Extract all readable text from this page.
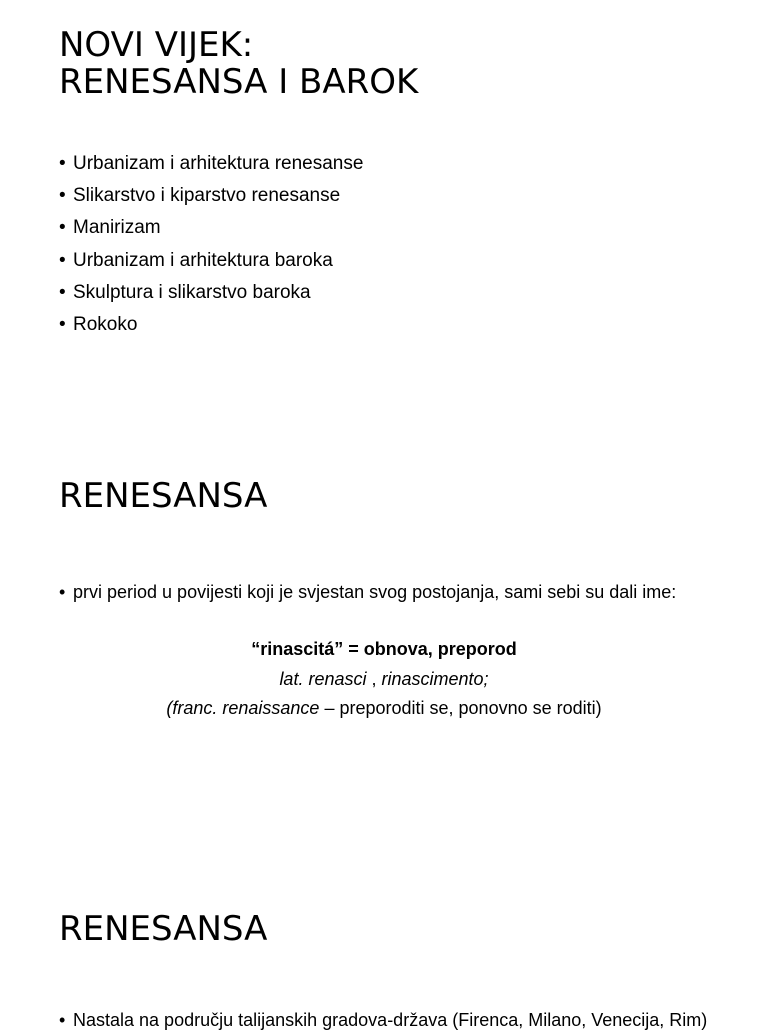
NOVI VIJEK:
RENESANSA I BAROK
• Urbanizam i arhitektura renesanse
• Slikarstvo i kiparstvo renesanse
• Manirizam
• Urbanizam i arhitektura baroka
• Skulptura i slikarstvo baroka
• Rokoko
RENESANSA
• prvi period u povijesti koji je svjestan svog postojanja, sami sebi su dali ime:
“rinascitá” = obnova, preporod
lat. renasci , rinascimento;
(franc. renaissance – preporoditi se, ponovno se roditi)
RENESANSA
• Nastala na području talijanskih gradova-država (Firenca, Milano, Venecija, Rim)
